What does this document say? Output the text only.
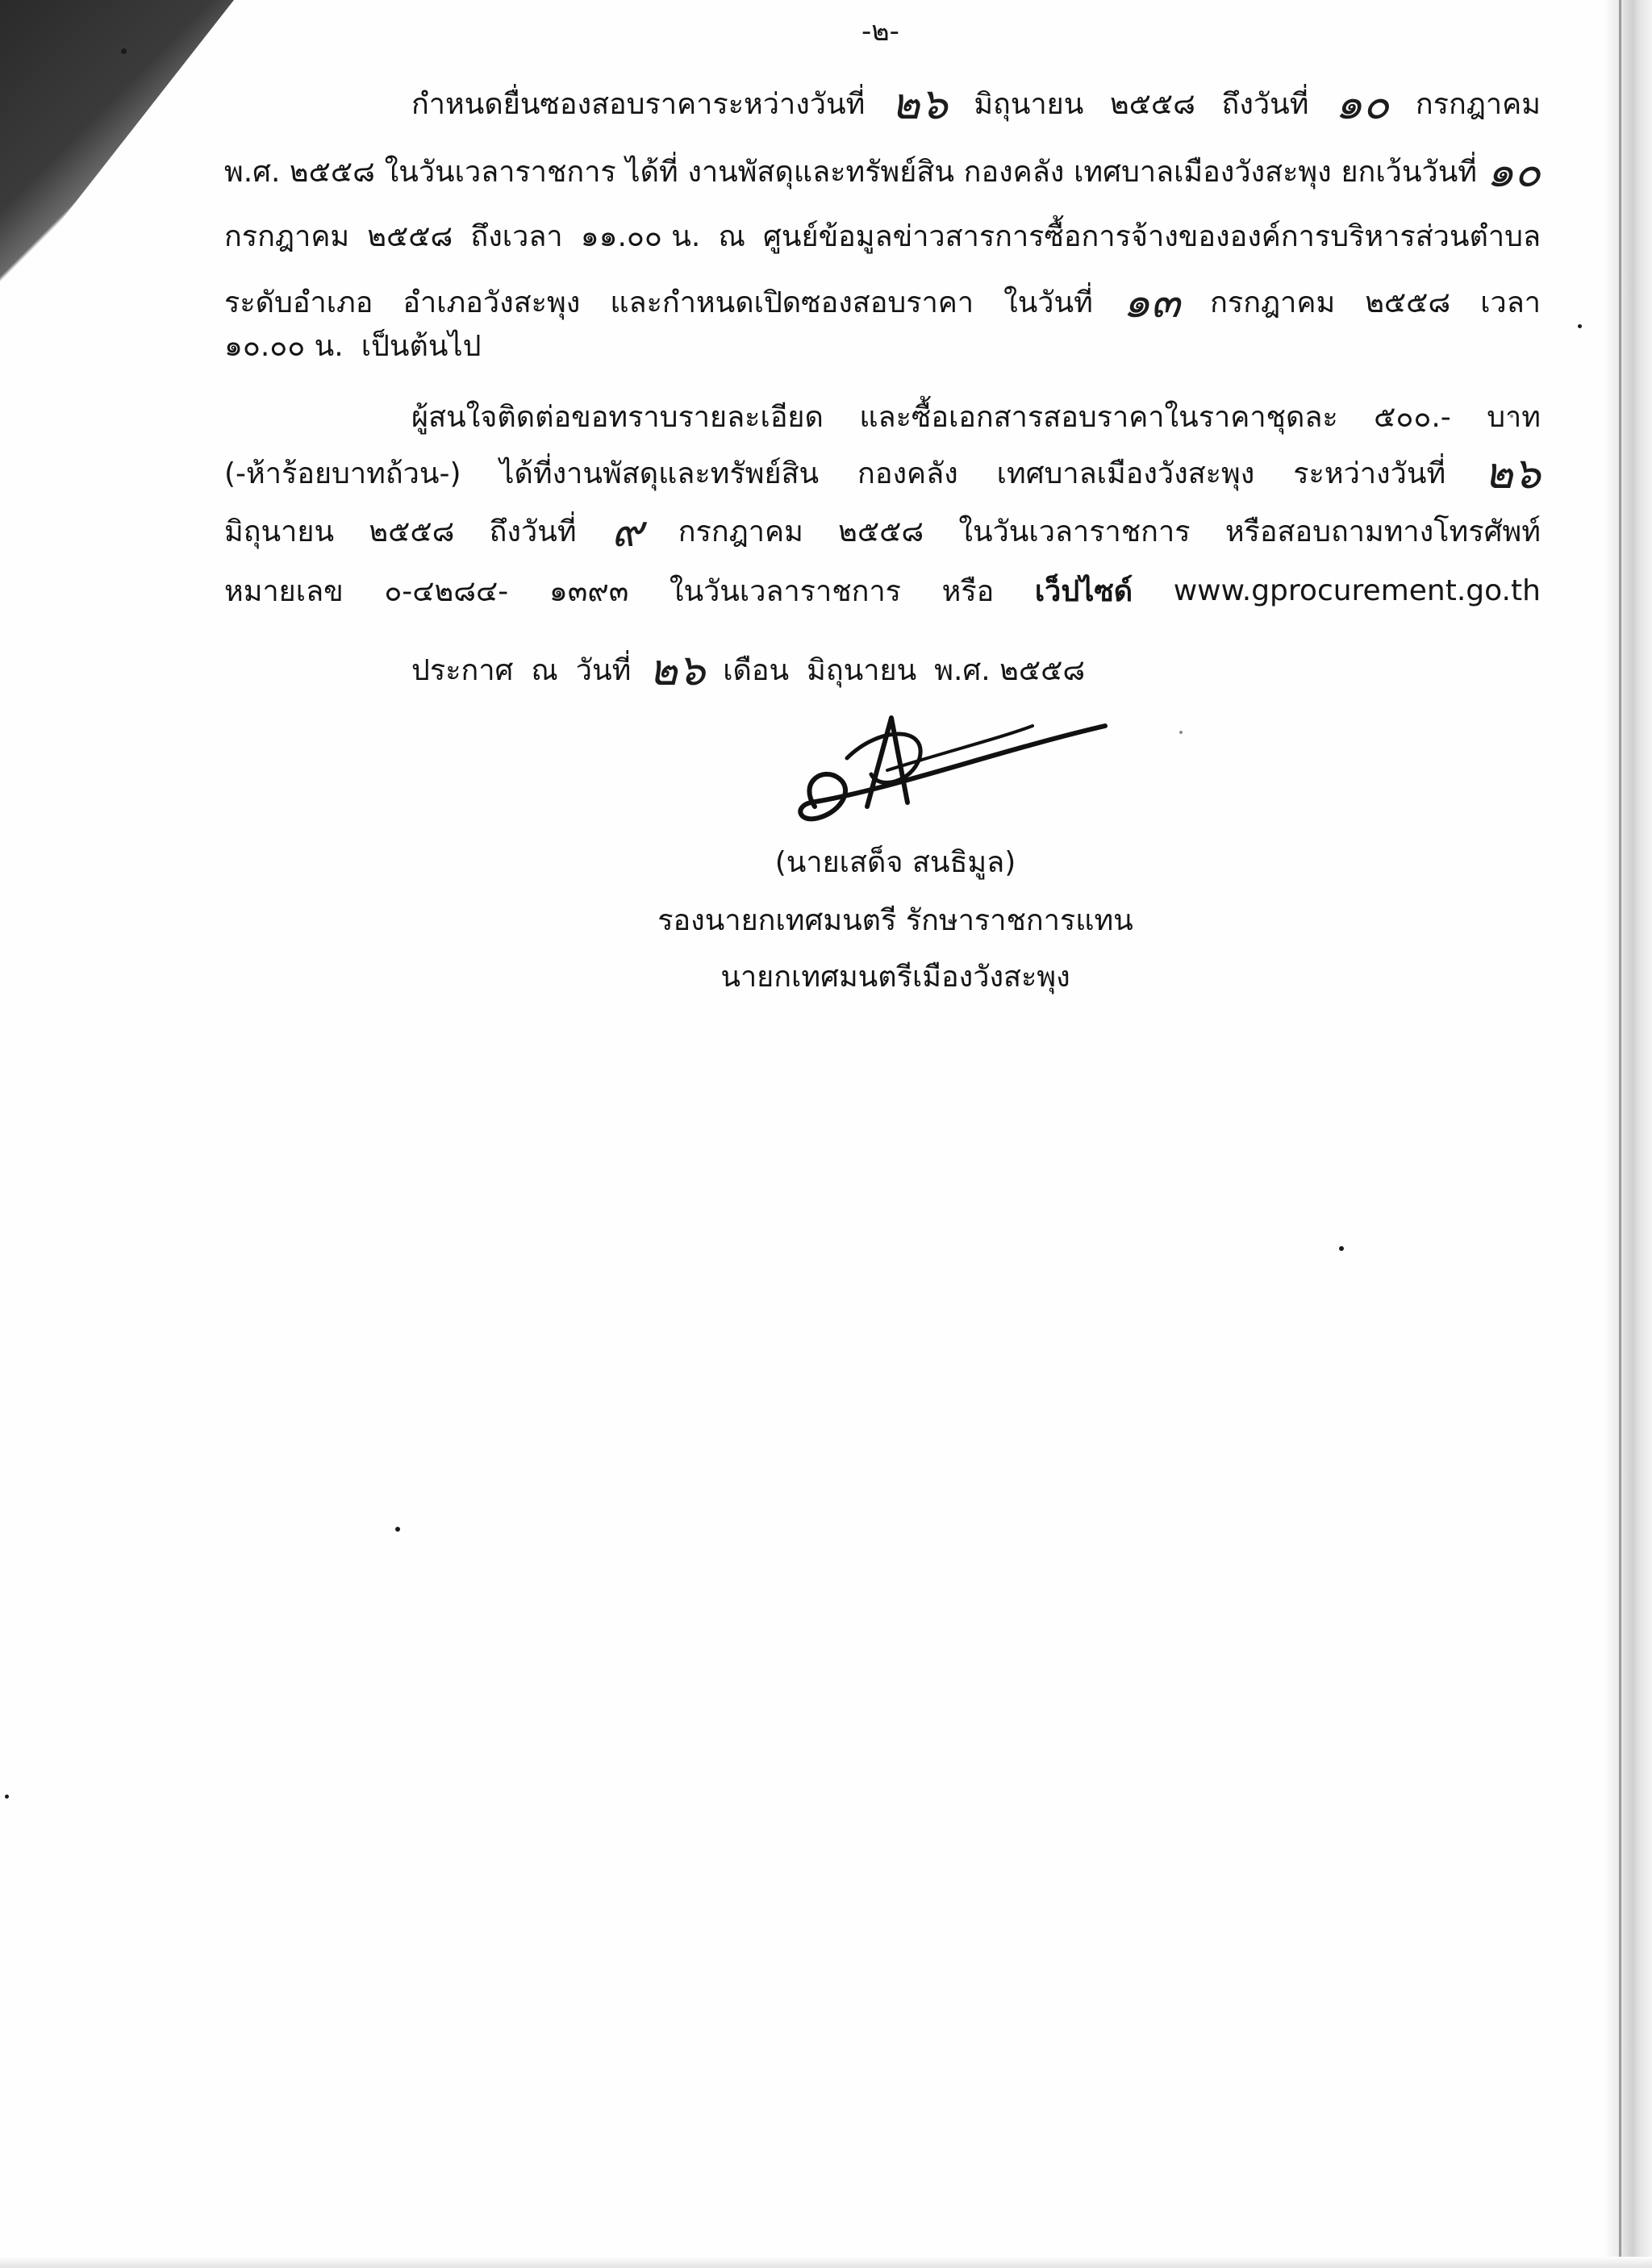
-๒-
กำหนดยื่นซองสอบราคาระหว่างวันที่ ๒๖ มิถุนายน ๒๕๕๘ ถึงวันที่ ๑๐ กรกฎาคม
พ.ศ. ๒๕๕๘ ในวันเวลาราชการ ได้ที่ งานพัสดุและทรัพย์สิน กองคลัง เทศบาลเมืองวังสะพุง ยกเว้นวันที่ ๑๐
กรกฎาคม ๒๕๕๘ ถึงเวลา ๑๑.๐๐ น. ณ ศูนย์ข้อมูลข่าวสารการซื้อการจ้างขององค์การบริหารส่วนตำบล
ระดับอำเภอ อำเภอวังสะพุง และกำหนดเปิดซองสอบราคา ในวันที่ ๑๓ กรกฎาคม ๒๕๕๘ เวลา
๑๐.๐๐ น. เป็นต้นไป
ผู้สนใจติดต่อขอทราบรายละเอียด และซื้อเอกสารสอบราคาในราคาชุดละ ๕๐๐.- บาท
(-ห้าร้อยบาทถ้วน-) ได้ที่งานพัสดุและทรัพย์สิน กองคลัง เทศบาลเมืองวังสะพุง ระหว่างวันที่ ๒๖
มิถุนายน ๒๕๕๘ ถึงวันที่ ๙ กรกฎาคม ๒๕๕๘ ในวันเวลาราชการ หรือสอบถามทางโทรศัพท์
หมายเลข ๐-๔๒๘๔- ๑๓๙๓ ในวันเวลาราชการ หรือ เว็ปไซด์ www.gprocurement.go.th
ประกาศ ณ วันที่ ๒๖ เดือน มิถุนายน พ.ศ. ๒๕๕๘
(นายเสด็จ สนธิมูล)
รองนายกเทศมนตรี รักษาราชการแทน
นายกเทศมนตรีเมืองวังสะพุง
